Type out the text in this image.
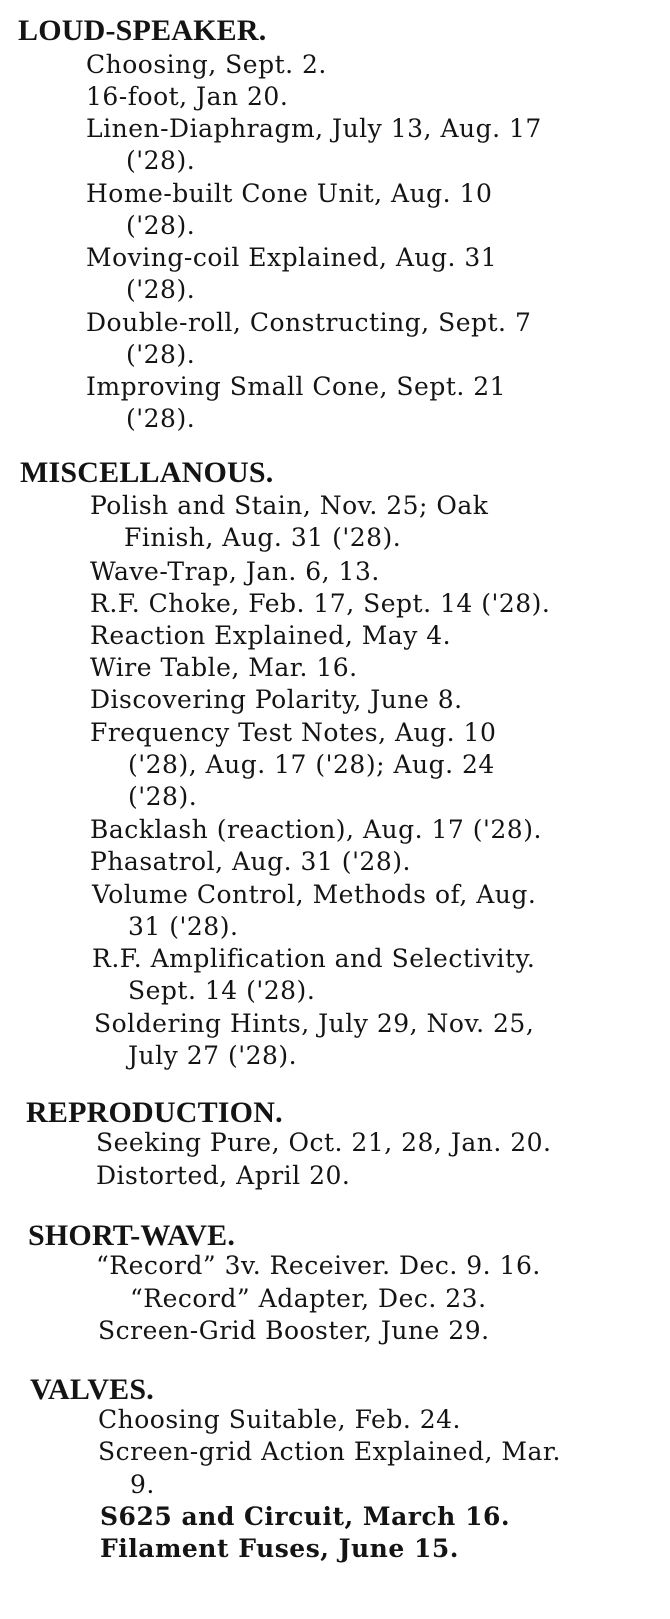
LOUD-SPEAKER.
Choosing, Sept. 2.
16-foot, Jan 20.
Linen-Diaphragm, July 13, Aug. 17
('28).
Home-built Cone Unit, Aug. 10
('28).
Moving-coil Explained, Aug. 31
('28).
Double-roll, Constructing, Sept. 7
('28).
Improving Small Cone, Sept. 21
('28).
MISCELLANOUS.
Polish and Stain, Nov. 25; Oak
Finish, Aug. 31 ('28).
Wave-Trap, Jan. 6, 13.
R.F. Choke, Feb. 17, Sept. 14 ('28).
Reaction Explained, May 4.
Wire Table, Mar. 16.
Discovering Polarity, June 8.
Frequency Test Notes, Aug. 10
('28), Aug. 17 ('28); Aug. 24
('28).
Backlash (reaction), Aug. 17 ('28).
Phasatrol, Aug. 31 ('28).
Volume Control, Methods of, Aug.
31 ('28).
R.F. Amplification and Selectivity.
Sept. 14 ('28).
Soldering Hints, July 29, Nov. 25,
July 27 ('28).
REPRODUCTION.
Seeking Pure, Oct. 21, 28, Jan. 20.
Distorted, April 20.
SHORT-WAVE.
“Record” 3v. Receiver. Dec. 9. 16.
“Record” Adapter, Dec. 23.
Screen-Grid Booster, June 29.
VALVES.
Choosing Suitable, Feb. 24.
Screen-grid Action Explained, Mar.
9.
S625 and Circuit, March 16.
Filament Fuses, June 15.
